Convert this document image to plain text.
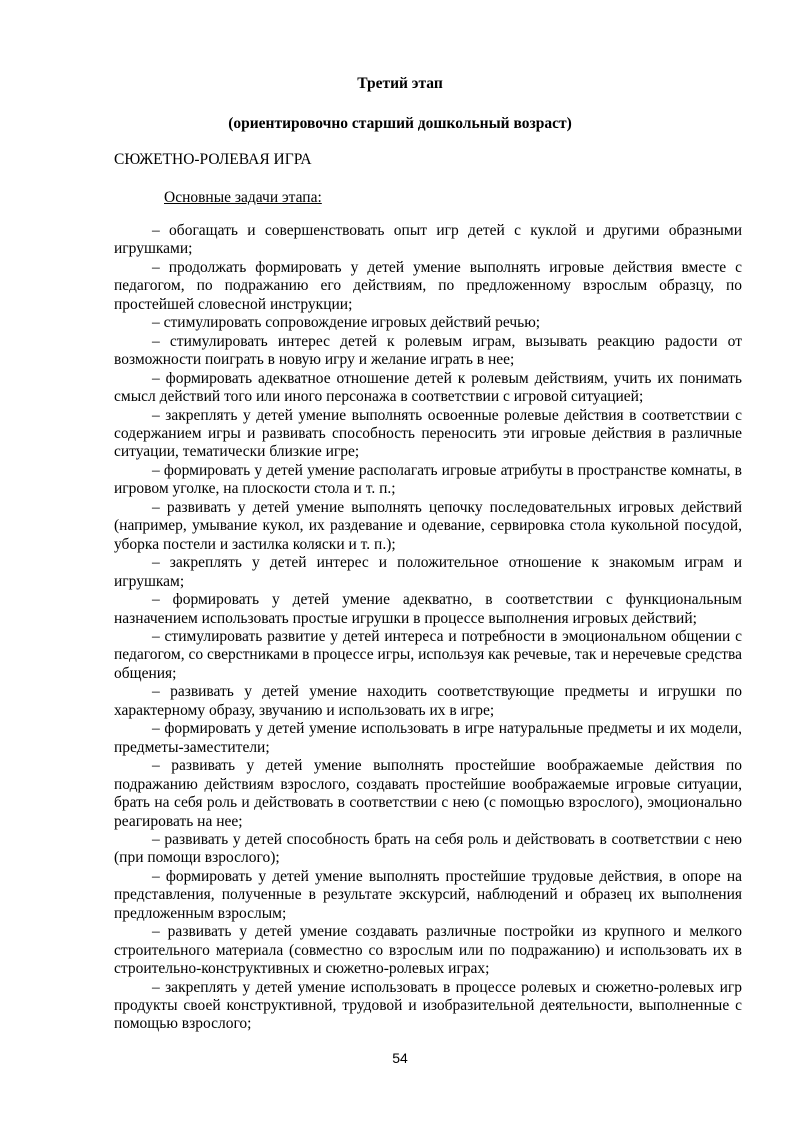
Третий этап

(ориентировочно старший дошкольный возраст)

СЮЖЕТНО-РОЛЕВАЯ ИГРА

Основные задачи этапа:

– обогащать и совершенствовать опыт игр детей с куклой и другими образными игрушками;
– продолжать формировать у детей умение выполнять игровые действия вместе с педагогом, по подражанию его действиям, по предложенному взрослым образцу, по простейшей словесной инструкции;
– стимулировать сопровождение игровых действий речью;
– стимулировать интерес детей к ролевым играм, вызывать реакцию радости от возможности поиграть в новую игру и желание играть в нее;
– формировать адекватное отношение детей к ролевым действиям, учить их понимать смысл действий того или иного персонажа в соответствии с игровой ситуацией;
– закреплять у детей умение выполнять освоенные ролевые действия в соответствии с содержанием игры и развивать способность переносить эти игровые действия в различные ситуации, тематически близкие игре;
– формировать у детей умение располагать игровые атрибуты в пространстве комнаты, в игровом уголке, на плоскости стола и т. п.;
– развивать у детей умение выполнять цепочку последовательных игровых действий (например, умывание кукол, их раздевание и одевание, сервировка стола кукольной посудой, уборка постели и застилка коляски и т. п.);
– закреплять у детей интерес и положительное отношение к знакомым играм и игрушкам;
– формировать у детей умение адекватно, в соответствии с функциональным назначением использовать простые игрушки в процессе выполнения игровых действий;
– стимулировать развитие у детей интереса и потребности в эмоциональном общении с педагогом, со сверстниками в процессе игры, используя как речевые, так и неречевые средства общения;
– развивать у детей умение находить соответствующие предметы и игрушки по характерному образу, звучанию и использовать их в игре;
– формировать у детей умение использовать в игре натуральные предметы и их модели, предметы-заместители;
– развивать у детей умение выполнять простейшие воображаемые действия по подражанию действиям взрослого, создавать простейшие воображаемые игровые ситуации, брать на себя роль и действовать в соответствии с нею (с помощью взрослого), эмоционально реагировать на нее;
– развивать у детей способность брать на себя роль и действовать в соответствии с нею (при помощи взрослого);
– формировать у детей умение выполнять простейшие трудовые действия, в опоре на представления, полученные в результате экскурсий, наблюдений и образец их выполнения предложенным взрослым;
– развивать у детей умение создавать различные постройки из крупного и мелкого строительного материала (совместно со взрослым или по подражанию) и использовать их в строительно-конструктивных и сюжетно-ролевых играх;
– закреплять у детей умение использовать в процессе ролевых и сюжетно-ролевых игр продукты своей конструктивной, трудовой и изобразительной деятельности, выполненные с помощью взрослого;

54
